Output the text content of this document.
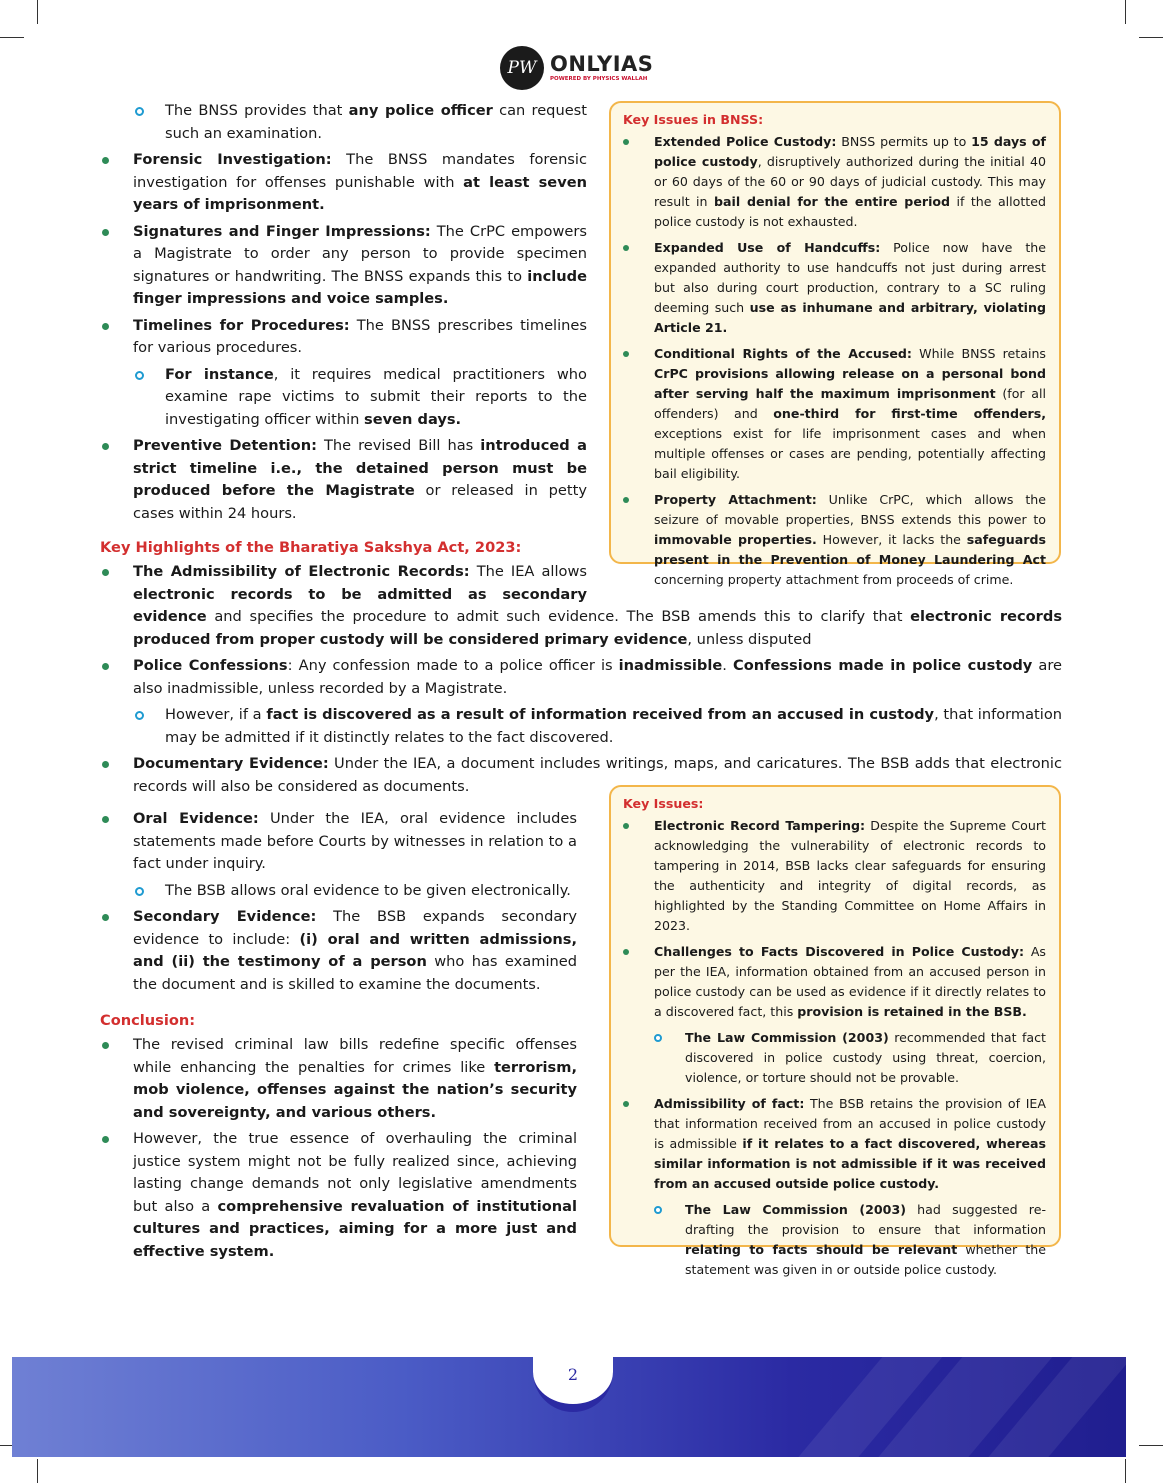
PW ONLYIAS
POWERED BY PHYSICS WALLAH
The BNSS provides that any police officer can request such an examination.
Forensic Investigation: The BNSS mandates forensic investigation for offenses punishable with at least seven years of imprisonment.
Signatures and Finger Impressions: The CrPC empowers a Magistrate to order any person to provide specimen signatures or handwriting. The BNSS expands this to include finger impressions and voice samples.
Timelines for Procedures: The BNSS prescribes timelines for various procedures.
For instance, it requires medical practitioners who examine rape victims to submit their reports to the investigating officer within seven days.
Preventive Detention: The revised Bill has introduced a strict timeline i.e., the detained person must be produced before the Magistrate or released in petty cases within 24 hours.
Key Highlights of the Bharatiya Sakshya Act, 2023:
The Admissibility of Electronic Records: The IEA allows electronic records to be admitted as secondary evidence and specifies the procedure to admit such evidence. The BSB amends this to clarify that electronic records produced from proper custody will be considered primary evidence, unless disputed
Police Confessions: Any confession made to a police officer is inadmissible. Confessions made in police custody are also inadmissible, unless recorded by a Magistrate.
However, if a fact is discovered as a result of information received from an accused in custody, that information may be admitted if it distinctly relates to the fact discovered.
Documentary Evidence: Under the IEA, a document includes writings, maps, and caricatures. The BSB adds that electronic records will also be considered as documents.
Oral Evidence: Under the IEA, oral evidence includes statements made before Courts by witnesses in relation to a fact under inquiry.
The BSB allows oral evidence to be given electronically.
Secondary Evidence: The BSB expands secondary evidence to include: (i) oral and written admissions, and (ii) the testimony of a person who has examined the document and is skilled to examine the documents.
Conclusion:
The revised criminal law bills redefine specific offenses while enhancing the penalties for crimes like terrorism, mob violence, offenses against the nation’s security and sovereignty, and various others.
However, the true essence of overhauling the criminal justice system might not be fully realized since, achieving lasting change demands not only legislative amendments but also a comprehensive revaluation of institutional cultures and practices, aiming for a more just and effective system.
Key Issues in BNSS:
Extended Police Custody: BNSS permits up to 15 days of police custody, disruptively authorized during the initial 40 or 60 days of the 60 or 90 days of judicial custody. This may result in bail denial for the entire period if the allotted police custody is not exhausted.
Expanded Use of Handcuffs: Police now have the expanded authority to use handcuffs not just during arrest but also during court production, contrary to a SC ruling deeming such use as inhumane and arbitrary, violating Article 21.
Conditional Rights of the Accused: While BNSS retains CrPC provisions allowing release on a personal bond after serving half the maximum imprisonment (for all offenders) and one-third for first-time offenders, exceptions exist for life imprisonment cases and when multiple offenses or cases are pending, potentially affecting bail eligibility.
Property Attachment: Unlike CrPC, which allows the seizure of movable properties, BNSS extends this power to immovable properties. However, it lacks the safeguards present in the Prevention of Money Laundering Act concerning property attachment from proceeds of crime.
Key Issues:
Electronic Record Tampering: Despite the Supreme Court acknowledging the vulnerability of electronic records to tampering in 2014, BSB lacks clear safeguards for ensuring the authenticity and integrity of digital records, as highlighted by the Standing Committee on Home Affairs in 2023.
Challenges to Facts Discovered in Police Custody: As per the IEA, information obtained from an accused person in police custody can be used as evidence if it directly relates to a discovered fact, this provision is retained in the BSB.
The Law Commission (2003) recommended that fact discovered in police custody using threat, coercion, violence, or torture should not be provable.
Admissibility of fact: The BSB retains the provision of IEA that information received from an accused in police custody is admissible if it relates to a fact discovered, whereas similar information is not admissible if it was received from an accused outside police custody.
The Law Commission (2003) had suggested re-drafting the provision to ensure that information relating to facts should be relevant whether the statement was given in or outside police custody.
2
